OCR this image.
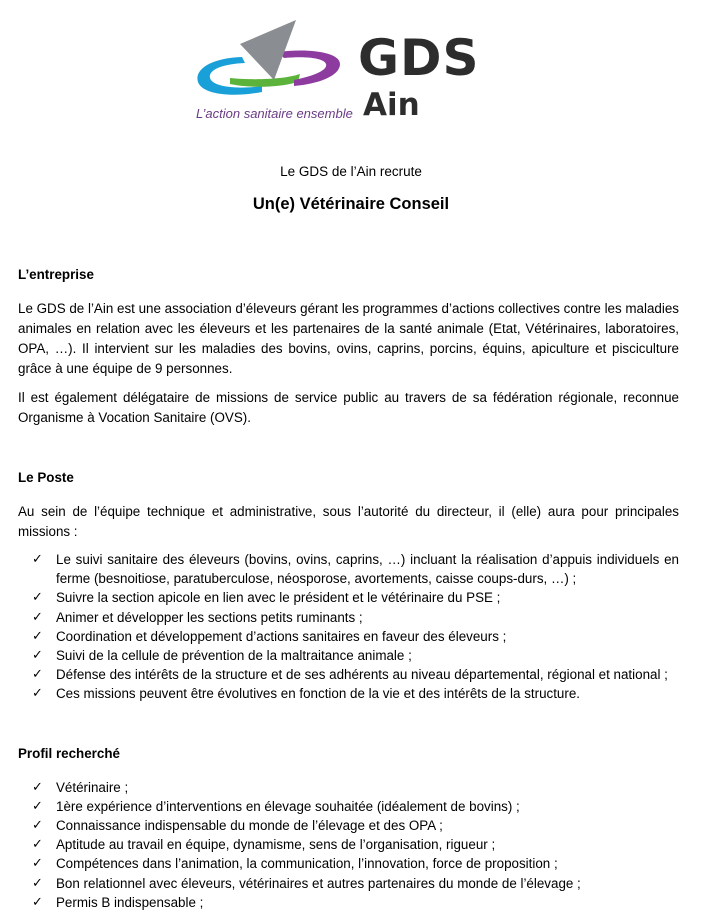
GDS
Ain
L’action sanitaire ensemble
Le GDS de l’Ain recrute
Un(e) Vétérinaire Conseil
L’entreprise

Le GDS de l’Ain est une association d’éleveurs gérant les programmes d’actions collectives contre les maladies animales en relation avec les éleveurs et les partenaires de la santé animale (Etat, Vétérinaires, laboratoires, OPA, …). Il intervient sur les maladies des bovins, ovins, caprins, porcins, équins, apiculture et pisciculture grâce à une équipe de 9 personnes.

Il est également délégataire de missions de service public au travers de sa fédération régionale, reconnue Organisme à Vocation Sanitaire (OVS).

Le Poste

Au sein de l’équipe technique et administrative, sous l’autorité du directeur, il (elle) aura pour principales missions :

✓ Le suivi sanitaire des éleveurs (bovins, ovins, caprins, …) incluant la réalisation d’appuis individuels en ferme (besnoitiose, paratuberculose, néosporose, avortements, caisse coups-durs, …) ;
✓ Suivre la section apicole en lien avec le président et le vétérinaire du PSE ;
✓ Animer et développer les sections petits ruminants ;
✓ Coordination et développement d’actions sanitaires en faveur des éleveurs ;
✓ Suivi de la cellule de prévention de la maltraitance animale ;
✓ Défense des intérêts de la structure et de ses adhérents au niveau départemental, régional et national ;
✓ Ces missions peuvent être évolutives en fonction de la vie et des intérêts de la structure.
Profil recherché
✓ Vétérinaire ;
✓ 1ère expérience d’interventions en élevage souhaitée (idéalement de bovins) ;
✓ Connaissance indispensable du monde de l’élevage et des OPA ;
✓ Aptitude au travail en équipe, dynamisme, sens de l’organisation, rigueur ;
✓ Compétences dans l’animation, la communication, l’innovation, force de proposition ;
✓ Bon relationnel avec éleveurs, vétérinaires et autres partenaires du monde de l’élevage ;
✓ Permis B indispensable ;
